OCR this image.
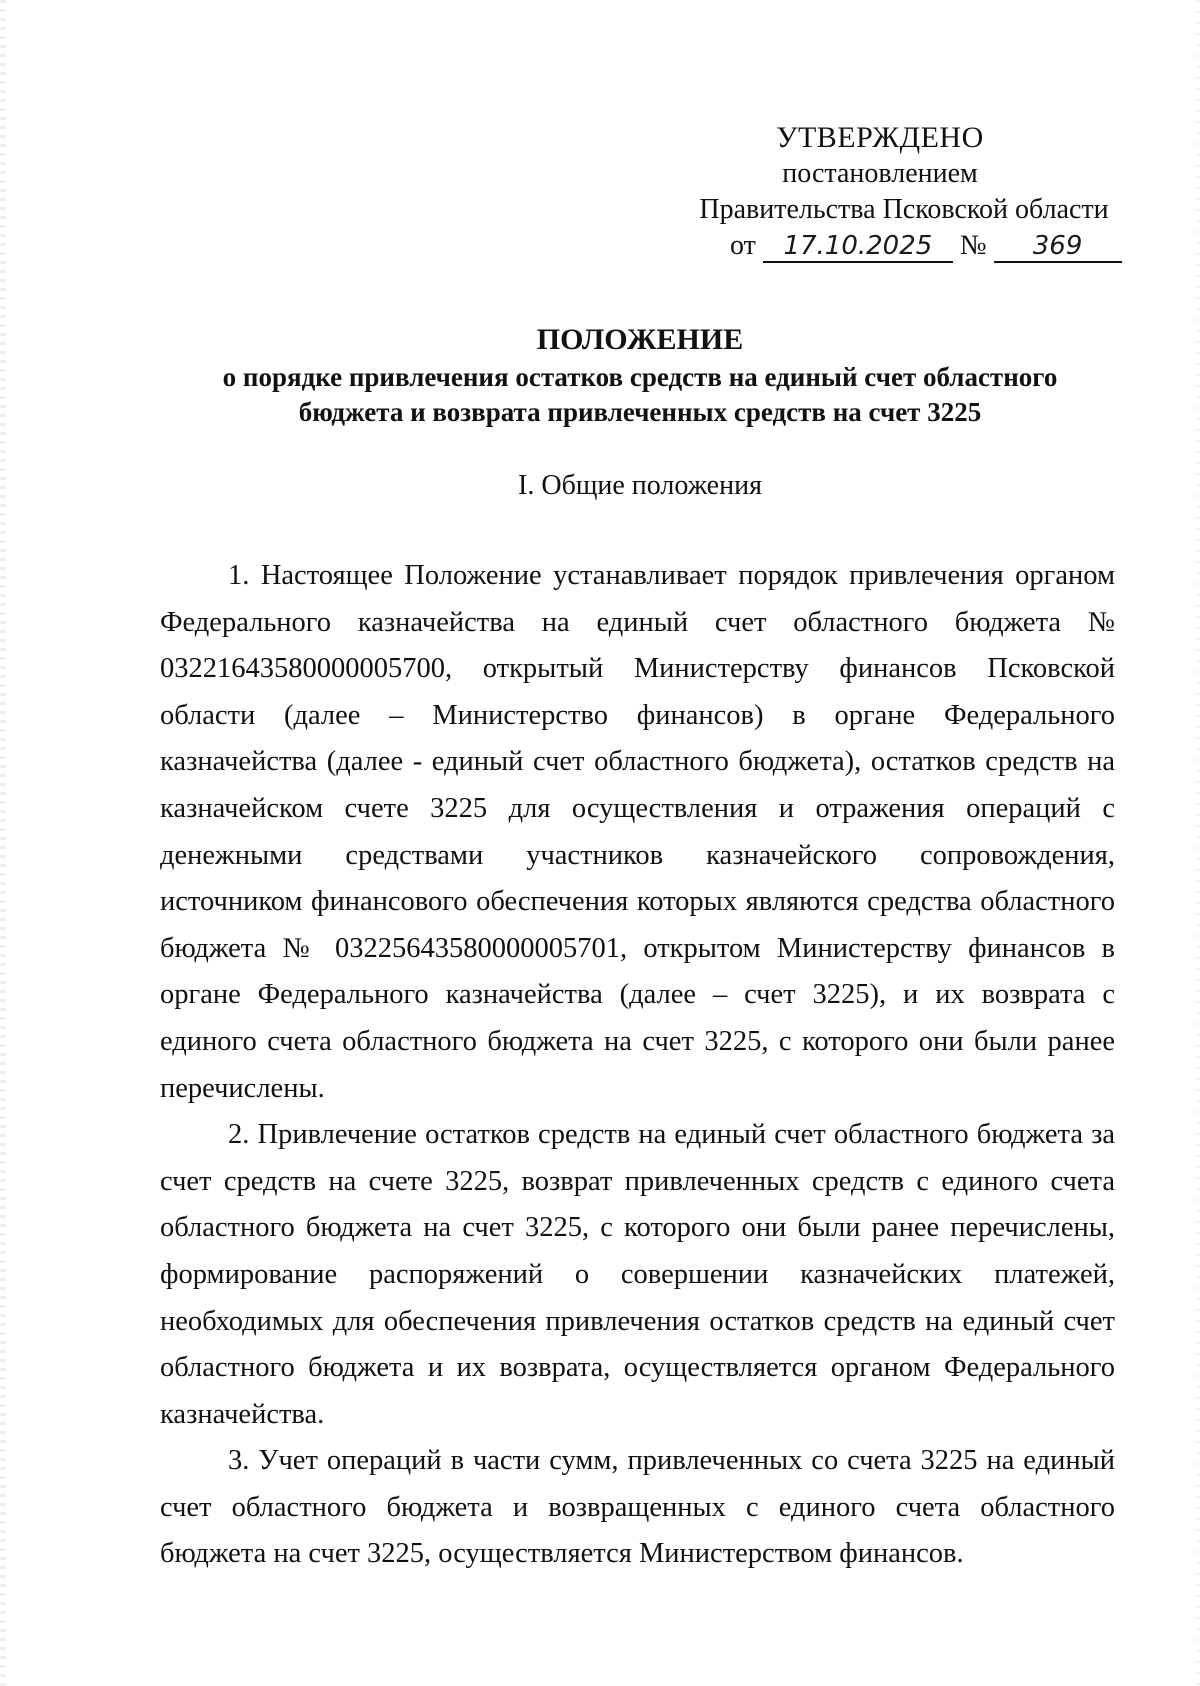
УТВЕРЖДЕНО
постановлением
Правительства Псковской области
от 17.10.2025 № 369
ПОЛОЖЕНИЕ
о порядке привлечения остатков средств на единый счет областного
бюджета и возврата привлеченных средств на счет 3225
I. Общие положения

1. Настоящее Положение устанавливает порядок привлечения органом Федерального казначейства на единый счет областного бюджета № 03221643580000005700, открытый Министерству финансов Псковской области (далее – Министерство финансов) в органе Федерального казначейства (далее - единый счет областного бюджета), остатков средств на казначейском счете 3225 для осуществления и отражения операций с денежными средствами участников казначейского сопровождения, источником финансового обеспечения которых являются средства областного бюджета № 03225643580000005701, открытом Министерству финансов в органе Федерального казначейства (далее – счет 3225), и их возврата с единого счета областного бюджета на счет 3225, с которого они были ранее перечислены.

2. Привлечение остатков средств на единый счет областного бюджета за счет средств на счете 3225, возврат привлеченных средств с единого счета областного бюджета на счет 3225, с которого они были ранее перечислены, формирование распоряжений о совершении казначейских платежей, необходимых для обеспечения привлечения остатков средств на единый счет областного бюджета и их возврата, осуществляется органом Федерального казначейства.

3. Учет операций в части сумм, привлеченных со счета 3225 на единый счет областного бюджета и возвращенных с единого счета областного бюджета на счет 3225, осуществляется Министерством финансов.
